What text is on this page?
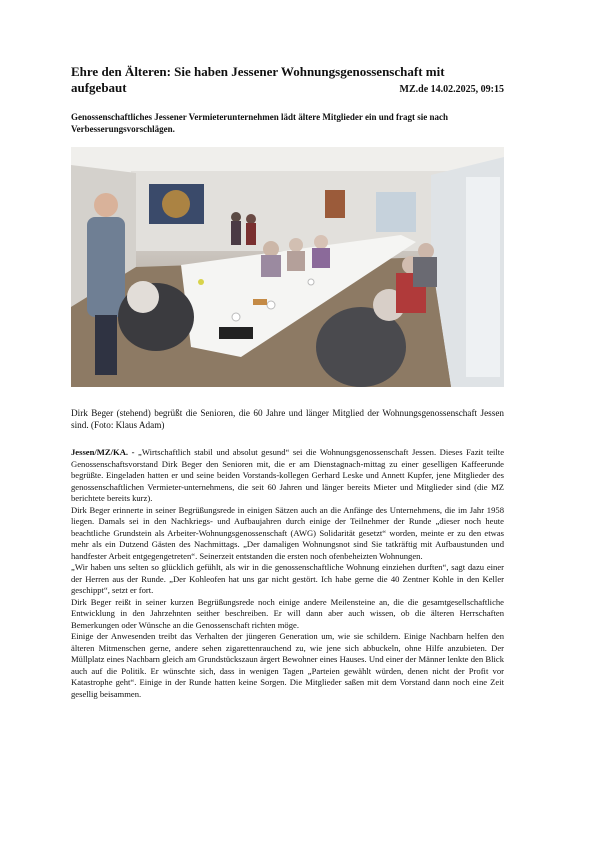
Ehre den Älteren: Sie haben Jessener Wohnungsgenossenschaft mit

aufgebaut	MZ.de 14.02.2025, 09:15
Genossenschaftliches Jessener Vermieterunternehmen lädt ältere Mitglieder ein und fragt sie nach Verbesserungsvorschlägen.
Dirk Beger (stehend) begrüßt die Senioren, die 60 Jahre und länger Mitglied der Wohnungsgenossenschaft Jessen sind. (Foto: Klaus Adam)

Jessen/MZ/KA. - „Wirtschaftlich stabil und absolut gesund“ sei die Wohnungsgenossenschaft Jessen. Dieses Fazit teilte Genossenschaftsvorstand Dirk Beger den Senioren mit, die er am Dienstagnach-mittag zu einer geselligen Kaffeerunde begrüßte. Eingeladen hatten er und seine beiden Vorstands-kollegen Gerhard Leske und Annett Kupfer, jene Mitglieder des genossenschaftlichen Vermieter-unternehmens, die seit 60 Jahren und länger bereits Mieter und Mitglieder sind (die MZ berichtete bereits kurz).

Dirk Beger erinnerte in seiner Begrüßungsrede in einigen Sätzen auch an die Anfänge des Unternehmens, die im Jahr 1958 liegen. Damals sei in den Nachkriegs- und Aufbaujahren durch einige der Teilnehmer der Runde „dieser noch heute beachtliche Grundstein als Arbeiter-Wohnungsgenossenschaft (AWG) Solidarität gesetzt“ worden, meinte er zu den etwas mehr als ein Dutzend Gästen des Nachmittags. „Der damaligen Wohnungsnot sind Sie tatkräftig mit Aufbaustunden und handfester Arbeit entgegengetreten“. Seinerzeit entstanden die ersten noch ofenbeheizten Wohnungen.

„Wir haben uns selten so glücklich gefühlt, als wir in die genossenschaftliche Wohnung einziehen durften“, sagt dazu einer der Herren aus der Runde. „Der Kohleofen hat uns gar nicht gestört. Ich habe gerne die 40 Zentner Kohle in den Keller geschippt“, setzt er fort.

Dirk Beger reißt in seiner kurzen Begrüßungsrede noch einige andere Meilensteine an, die die gesamtgesellschaftliche Entwicklung in den Jahrzehnten seither beschreiben. Er will dann aber auch wissen, ob die älteren Herrschaften Bemerkungen oder Wünsche an die Genossenschaft richten möge.

Einige der Anwesenden treibt das Verhalten der jüngeren Generation um, wie sie schildern. Einige Nachbarn helfen den älteren Mitmenschen gerne, andere sehen zigarettenrauchend zu, wie jene sich abbuckeln, ohne Hilfe anzubieten. Der Müllplatz eines Nachbarn gleich am Grundstückszaun ärgert Bewohner eines Hauses. Und einer der Männer lenkte den Blick auch auf die Politik. Er wünschte sich, dass in wenigen Tagen „Parteien gewählt würden, denen nicht der Profit vor Katastrophe geht“. Einige in der Runde hatten keine Sorgen. Die Mitglieder saßen mit dem Vorstand dann noch eine Zeit gesellig beisammen.
